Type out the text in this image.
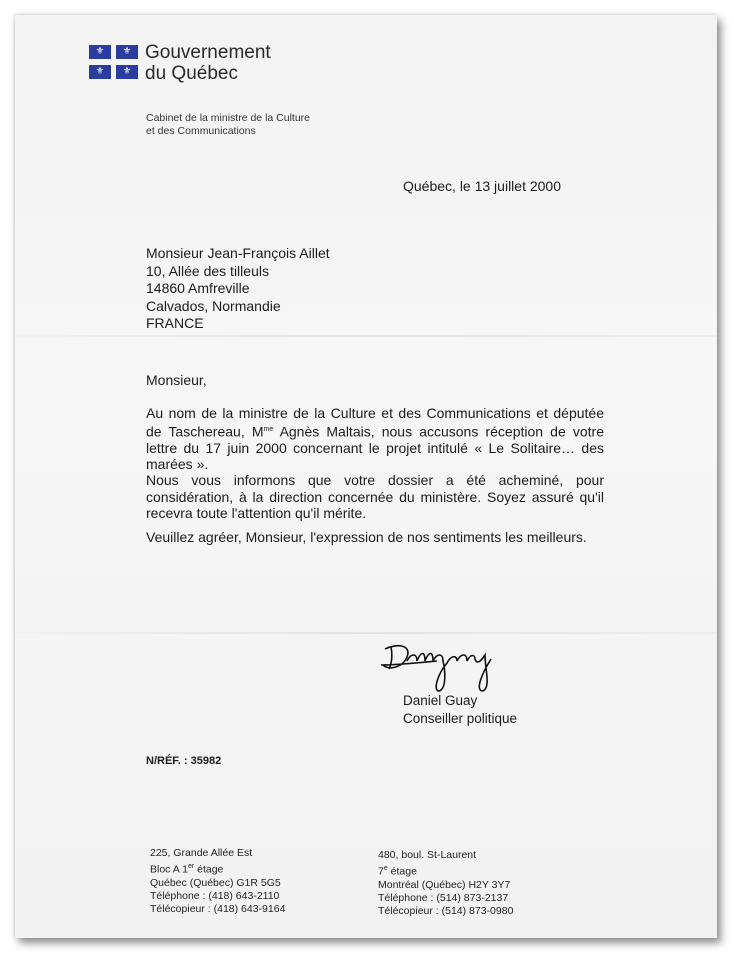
⚜	⚜
⚜	⚜
Gouvernement
du Québec
Cabinet de la ministre de la Culture
et des Communications
Québec, le 13 juillet 2000
Monsieur Jean-François Aillet
10, Allée des tilleuls
14860 Amfreville
Calvados, Normandie
FRANCE
Monsieur,
Au nom de la ministre de la Culture et des Communications et députée de Taschereau, $M^{me}$ Agnès Maltais, nous accusons réception de votre lettre du 17 juin 2000 concernant le projet intitulé « Le Solitaire… des marées ».
Nous vous informons que votre dossier a été acheminé, pour considération, à la direction concernée du ministère. Soyez assuré qu'il recevra toute l'attention qu'il mérite.
Veuillez agréer, Monsieur, l'expression de nos sentiments les meilleurs.
Daniel Guay
Conseiller politique
N/RÉF. : 35982
225, Grande Allée Est
Bloc A 1er étage
Québec (Québec) G1R 5G5
Téléphone : (418) 643-2110
Télécopieur : (418) 643-9164
480, boul. St-Laurent
7e étage
Montréal (Québec) H2Y 3Y7
Téléphone : (514) 873-2137
Télécopieur : (514) 873-0980
